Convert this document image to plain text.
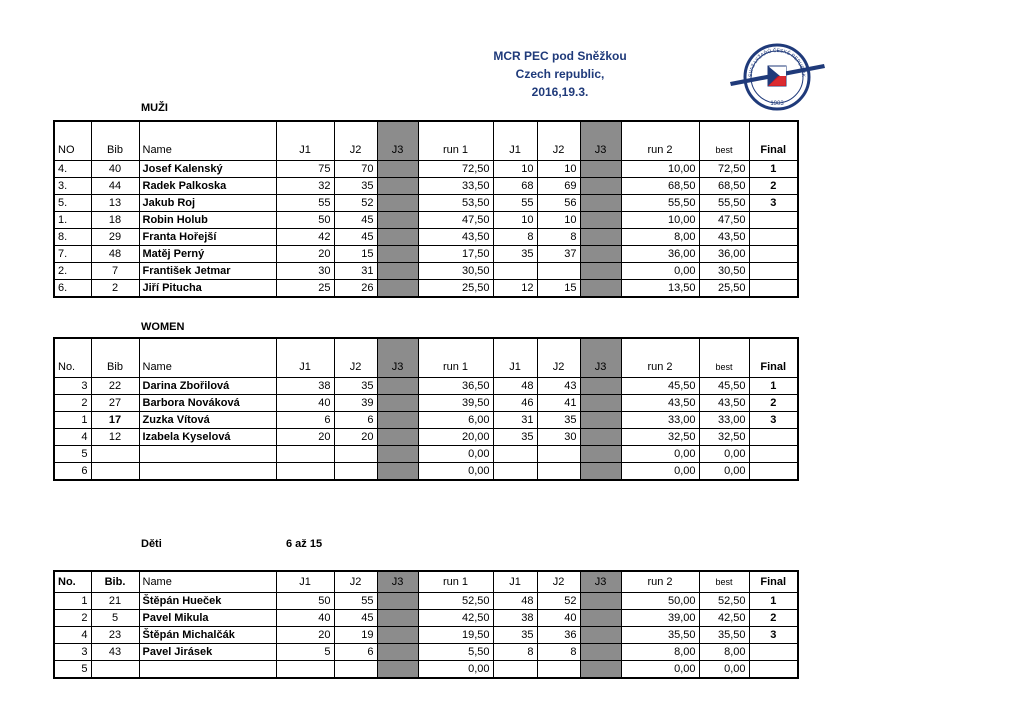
MCR PEC pod Sněžkou
Czech republic,
2016,19.3.
SVAZ LYŽAŘŮ ČESKÉ REPUBLIK
1903
MUŽI
NO	Bib	Name	J1	J2	J3	run 1	J1	J2	J3	run 2	best	Final
4.	40	Josef Kalenský	75	70		72,50	10	10		10,00	72,50	1
3.	44	Radek Palkoska	32	35		33,50	68	69		68,50	68,50	2
5.	13	Jakub Roj	55	52		53,50	55	56		55,50	55,50	3
1.	18	Robin Holub	50	45		47,50	10	10		10,00	47,50	
8.	29	Franta Hořejší	42	45		43,50	8	8		8,00	43,50	
7.	48	Matěj Perný	20	15		17,50	35	37		36,00	36,00	
2.	7	František Jetmar	30	31		30,50				0,00	30,50	
6.	2	Jiří Pitucha	25	26		25,50	12	15		13,50	25,50	
WOMEN
No.	Bib	Name	J1	J2	J3	run 1	J1	J2	J3	run 2	best	Final
3	22	Darina Zbořilová	38	35		36,50	48	43		45,50	45,50	1
2	27	Barbora Nováková	40	39		39,50	46	41		43,50	43,50	2
1	17	Zuzka Vítová	6	6		6,00	31	35		33,00	33,00	3
4	12	Izabela Kyselová	20	20		20,00	35	30		32,50	32,50	
5						0,00				0,00	0,00	
6						0,00				0,00	0,00	
Děti	6 až 15
No.	Bib.	Name	J1	J2	J3	run 1	J1	J2	J3	run 2	best	Final
1	21	Štěpán Hueček	50	55		52,50	48	52		50,00	52,50	1
2	5	Pavel Mikula	40	45		42,50	38	40		39,00	42,50	2
4	23	Štěpán Michalčák	20	19		19,50	35	36		35,50	35,50	3
3	43	Pavel Jirásek	5	6		5,50	8	8		8,00	8,00	
5						0,00				0,00	0,00	
